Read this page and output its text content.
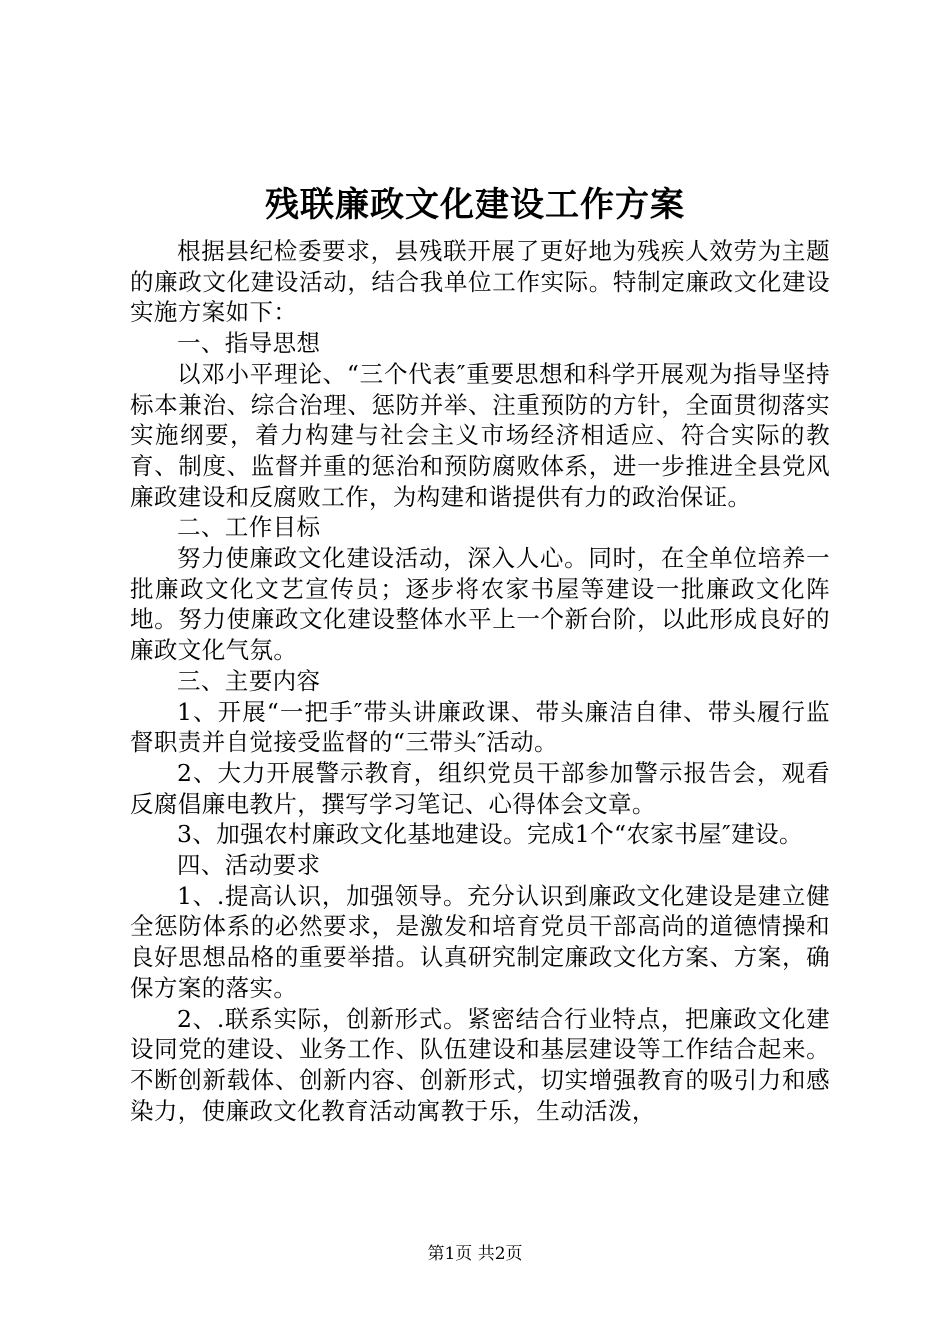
残联廉政文化建设工作方案

根据县纪检委要求，县残联开展了更好地为残疾人效劳为主题的廉政文化建设活动，结合我单位工作实际。特制定廉政文化建设实施方案如下：

一、指导思想

以邓小平理论、“三个代表″重要思想和科学开展观为指导坚持标本兼治、综合治理、惩防并举、注重预防的方针，全面贯彻落实实施纲要，着力构建与社会主义市场经济相适应、符合实际的教育、制度、监督并重的惩治和预防腐败体系，进一步推进全县党风廉政建设和反腐败工作，为构建和谐提供有力的政治保证。

二、工作目标

努力使廉政文化建设活动，深入人心。同时，在全单位培养一批廉政文化文艺宣传员；逐步将农家书屋等建设一批廉政文化阵地。努力使廉政文化建设整体水平上一个新台阶，以此形成良好的廉政文化气氛。

三、主要内容

1、开展“一把手″带头讲廉政课、带头廉洁自律、带头履行监督职责并自觉接受监督的“三带头″活动。

2、大力开展警示教育，组织党员干部参加警示报告会，观看反腐倡廉电教片，撰写学习笔记、心得体会文章。

3、加强农村廉政文化基地建设。完成1个“农家书屋″建设。

四、活动要求

1、.提高认识，加强领导。充分认识到廉政文化建设是建立健全惩防体系的必然要求，是激发和培育党员干部高尚的道德情操和良好思想品格的重要举措。认真研究制定廉政文化方案、方案，确保方案的落实。

2、.联系实际，创新形式。紧密结合行业特点，把廉政文化建设同党的建设、业务工作、队伍建设和基层建设等工作结合起来。不断创新载体、创新内容、创新形式，切实增强教育的吸引力和感染力，使廉政文化教育活动寓教于乐，生动活泼，

第1页 共2页
